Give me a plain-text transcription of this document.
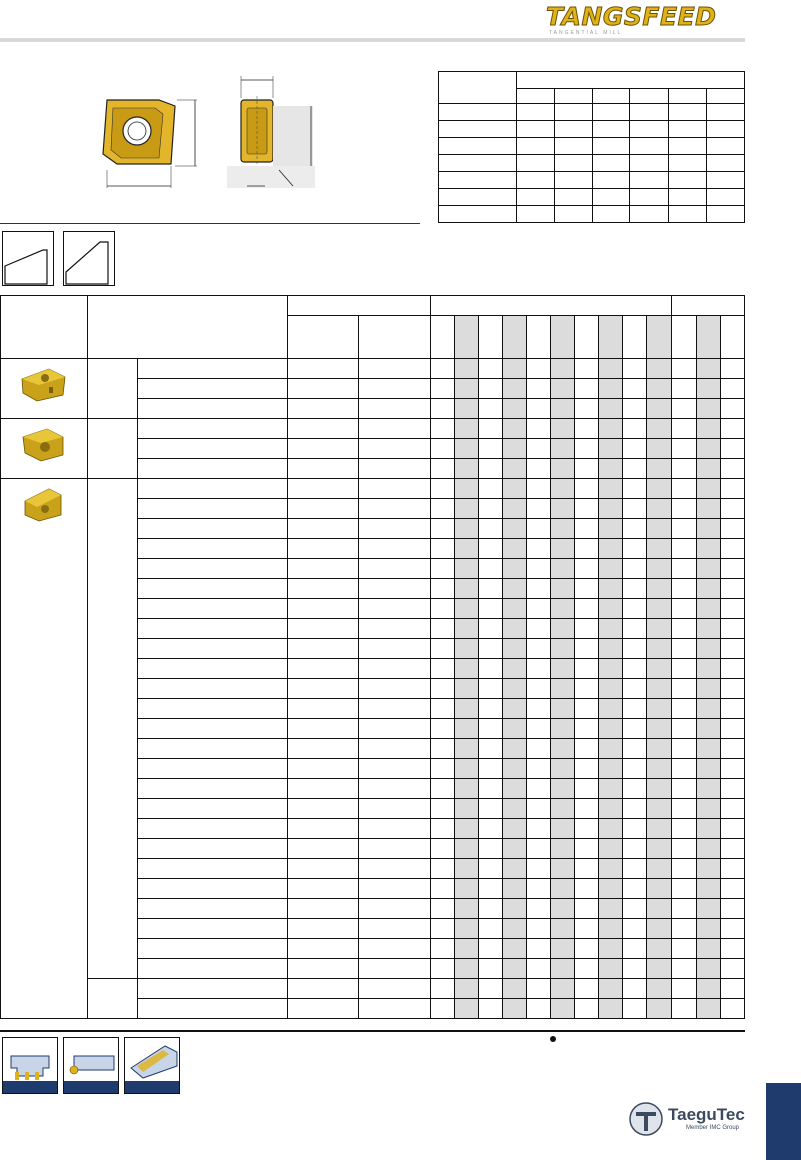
TANGSFEED
TANGENTIAL MILL

TaeguTec
Member IMC Group
